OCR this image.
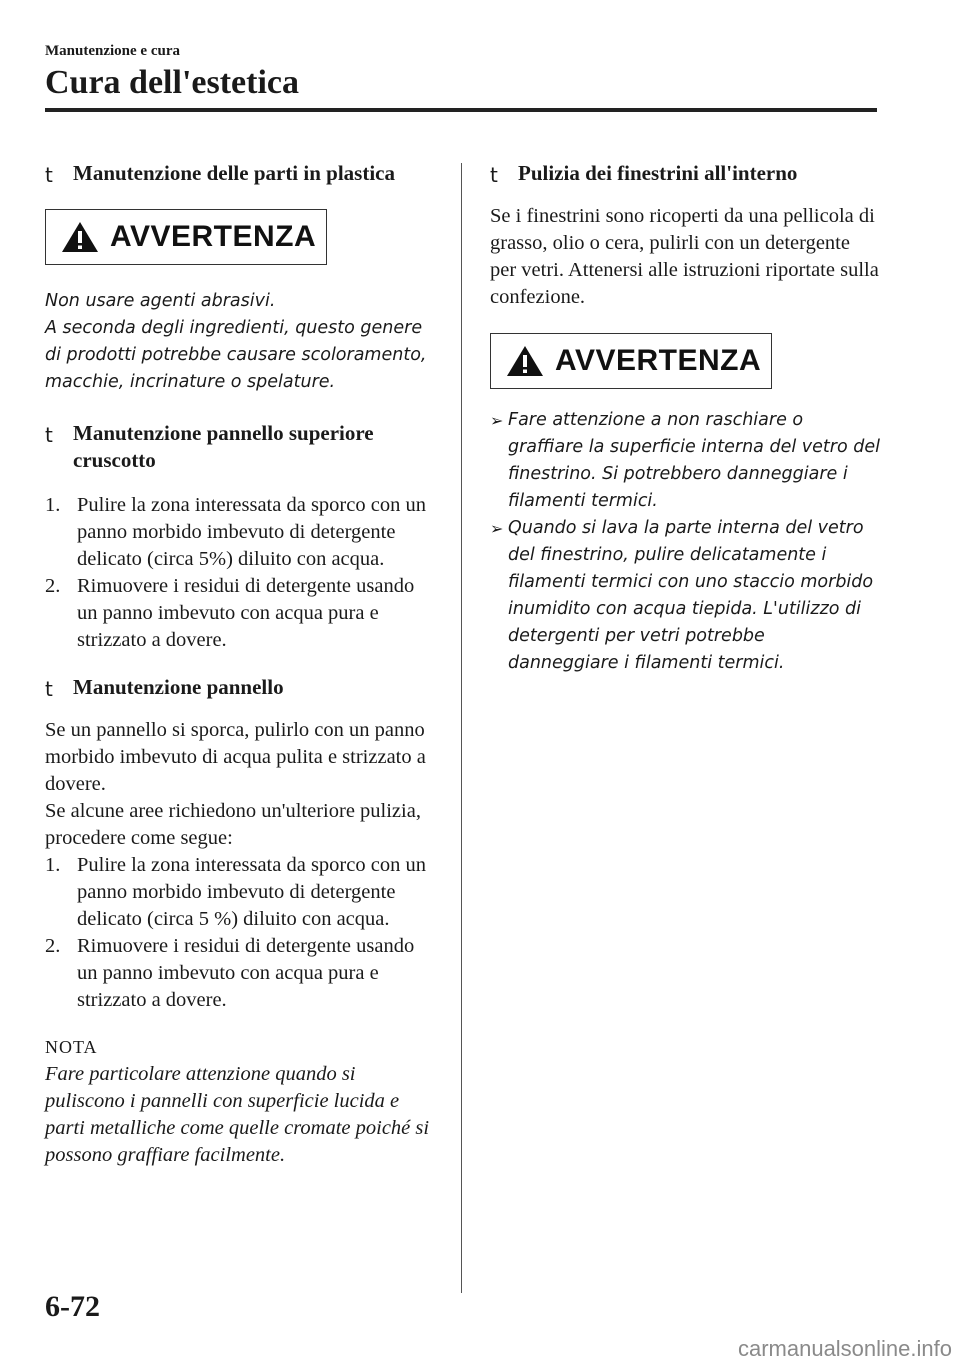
Manutenzione e cura
Cura dell'estetica
t Manutenzione delle parti in plastica
AVVERTENZA
Non usare agenti abrasivi.
A seconda degli ingredienti, questo genere di prodotti potrebbe causare scoloramento, macchie, incrinature o spelature.
t Manutenzione pannello superiore cruscotto
1. Pulire la zona interessata da sporco con un panno morbido imbevuto di detergente delicato (circa 5%) diluito con acqua.
2. Rimuovere i residui di detergente usando un panno imbevuto con acqua pura e strizzato a dovere.
t Manutenzione pannello
Se un pannello si sporca, pulirlo con un panno morbido imbevuto di acqua pulita e strizzato a dovere.
Se alcune aree richiedono un'ulteriore pulizia, procedere come segue:
1. Pulire la zona interessata da sporco con un panno morbido imbevuto di detergente delicato (circa 5 %) diluito con acqua.
2. Rimuovere i residui di detergente usando un panno imbevuto con acqua pura e strizzato a dovere.
NOTA
Fare particolare attenzione quando si puliscono i pannelli con superficie lucida e parti metalliche come quelle cromate poiché si possono graffiare facilmente.
t Pulizia dei finestrini all'interno
Se i finestrini sono ricoperti da una pellicola di grasso, olio o cera, pulirli con un detergente per vetri. Attenersi alle istruzioni riportate sulla confezione.
AVVERTENZA
➢ Fare attenzione a non raschiare o graffiare la superficie interna del vetro del finestrino. Si potrebbero danneggiare i filamenti termici.
➢ Quando si lava la parte interna del vetro del finestrino, pulire delicatamente i filamenti termici con uno staccio morbido inumidito con acqua tiepida. L'utilizzo di detergenti per vetri potrebbe danneggiare i filamenti termici.
6-72
carmanualsonline.info
